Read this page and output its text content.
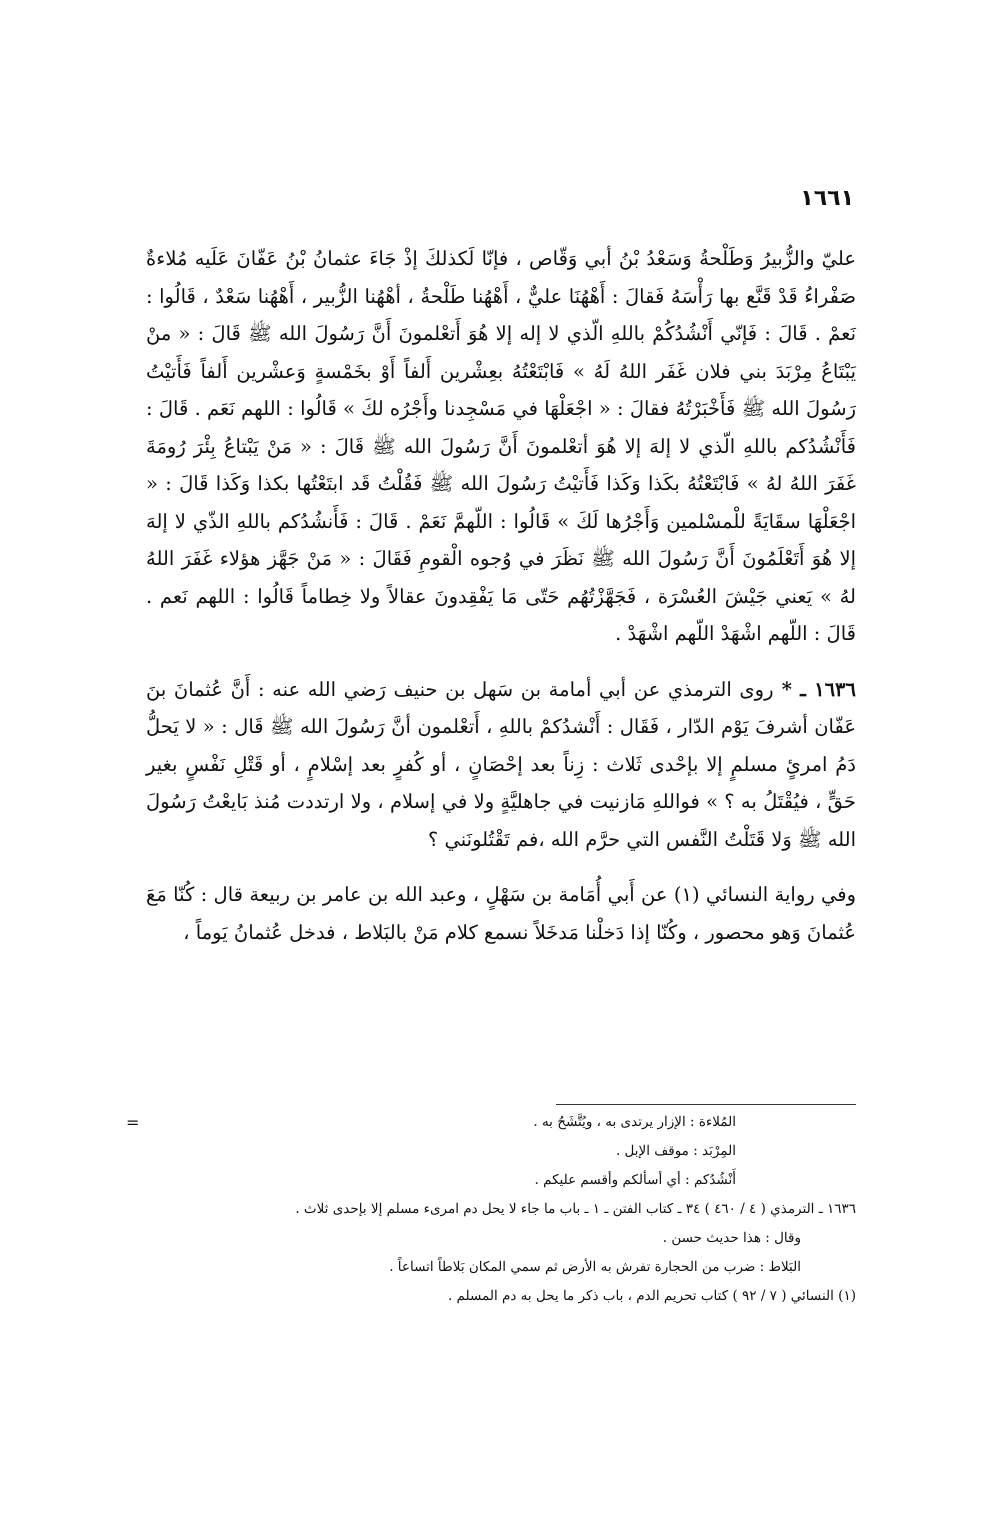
١٦٦١

عليّ والزُّبيرُ وَطَلْحةُ وَسَعْدُ بْنُ أبي وَقّاص ، فإنّا لَكذلكَ إذْ جَاءَ عثمانُ بْنُ عَفّانَ عَلَيه مُلاءةٌ صَفْراءُ قَدْ قَنَّع بها رَأْسَهُ فَقالَ : أَهْهُنَا عليٌّ ، أَهْهُنا طَلْحةُ ، أهْهُنا الزُّبير ، أَهْهُنا سَعْدٌ ، قَالُوا : نَعمْ . قَالَ : فَإنّي أَنْشُدُكُمْ باللهِ الّذي لا إله إلا هُوَ أَتعْلمونَ أَنَّ رَسُولَ الله ﷺ قَالَ : « منْ يَبْتَاعُ مِرْبَدَ بني فلان غَفَر اللهُ لَهُ » فَابْتَعْتُهُ بعِشْرين أَلفاً أَوْ بخَمْسةٍ وَعشْرين أَلفاً فَأَتيْتُ رَسُولَ الله ﷺ فَأَخْبَرْتُهُ فقالَ : « اجْعَلْهَا في مَسْجِدنا وأَجْرُه لكَ » قَالُوا : اللهم نَعَم . قَالَ : فَأَنْشُدُكم باللهِ الّذي لا إلهَ إلا هُوَ أتعْلمونَ أَنَّ رَسُولَ الله ﷺ قَالَ : « مَنْ يَبْتاعُ بِئْرَ رُومَةَ غَفَرَ اللهُ لهُ » فَابْتَعْتُهُ بكَذا وَكَذا فَأَتيْتُ رَسُولَ الله ﷺ فَقُلْتُ قَد ابتَعْتُها بكذا وَكَذا قَالَ : « اجْعَلْهَا سقَايَةً للْمسْلمين وَأَجْرُها لَكَ » قَالُوا : اللّهمَّ نَعَمْ . قَالَ : فَأَنشُدُكم باللهِ الذّي لا إلهَ إلا هُوَ أَتَعْلَمُونَ أَنَّ رَسُولَ الله ﷺ نَظَرَ في وُجوه الْقومِ فَقَالَ : « مَنْ جَهَّز هؤلاء غَفَرَ اللهُ لهُ » يَعني جَيْشَ العُسْرَة ، فَجَهَّزْتُهُم حَتّى مَا يَفْقِدونَ عقالاً ولا خِطاماً قَالُوا : اللهم نَعم . قَالَ : اللّهم اشْهَدْ اللّهم اشْهَدْ .

١٦٣٦ ـ * روى الترمذي عن أبي أمامة بن سَهل بن حنيف رَضي الله عنه : أَنَّ عُثمانَ بنَ عَفّان أشرفَ يَوْم الدّار ، فَقَال : أَنْشدُكمْ باللهِ ، أَتعْلمون أنَّ رَسُولَ الله ﷺ قَال : « لا يَحلُّ دَمُ امرئٍ مسلمٍ إلا بإحْدى ثَلاث : زِناً بعد إحْصَانٍ ، أو كُفرٍ بعد إسْلامٍ ، أو قَتْلِ نَفْسٍ بغير حَقٍّ ، فيُقْتَلُ به ؟ » فواللهِ مَازنيت في جاهليَّةٍ ولا في إسلام ، ولا ارتددت مُنذ بَايعْتُ رَسُولَ الله ﷺ وَلا قَتَلْتُ النَّفس التي حرَّم الله ،فم تَقْتُلونَني ؟

وفي رواية النسائي (١) عن أَبي أُمَامة بن سَهْلٍ ، وعبد الله بن عامر بن ربيعة قال : كُنّا مَعَ عُثمانَ وَهو محصور ، وكُنّا إذا دَخلْنا مَدخَلاً نسمع كلام مَنْ بالبَلاط ، فدخل عُثمانُ يَوماً ،

=	المُلاءة : الإزار يرتدى به ، ويُتَّشَحُ به .

المِرْبَد : موقف الإبل .

أَنْشُدُكم : أي أسألكم وأقسم عليكم .

١٦٣٦ ـ الترمذي ( ٤ / ٤٦٠ ) ٣٤ ـ كتاب الفتن ـ ١ ـ باب ما جاء لا يحل دم امرىء مسلم إلا بإحدى ثلاث .

وقال : هذا حديث حسن .

البَلاط : ضرب من الحجارة تفرش به الأرض ثم سمي المكان بَلاطاً اتساعاً .

(١) النسائي ( ٧ / ٩٢ ) كتاب تحريم الدم ، باب ذكر ما يحل به دم المسلم .
